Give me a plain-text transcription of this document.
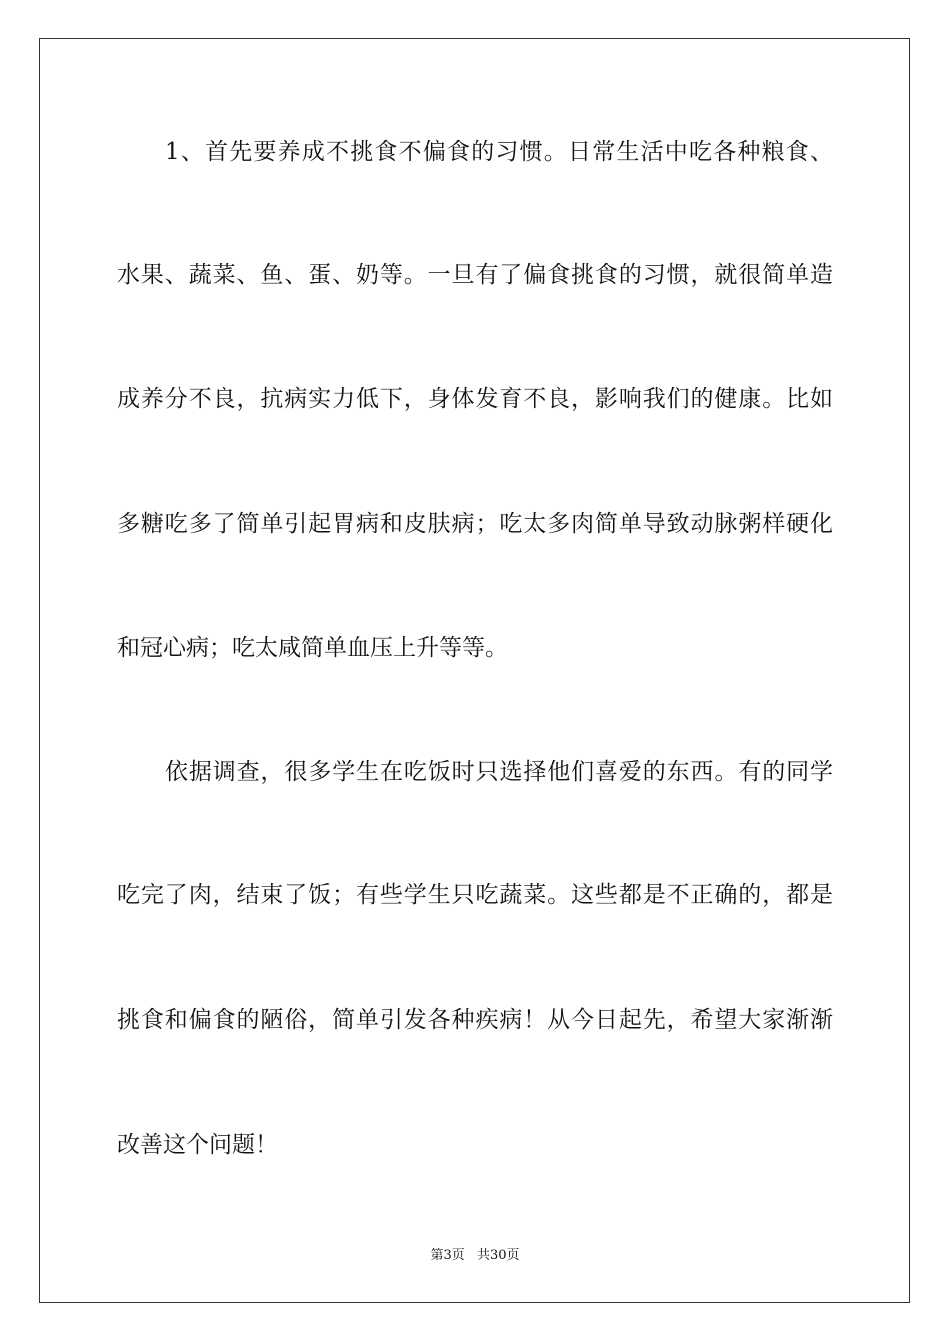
1、首先要养成不挑食不偏食的习惯。日常生活中吃各种粮食、
水果、蔬菜、鱼、蛋、奶等。一旦有了偏食挑食的习惯，就很简单造
成养分不良，抗病实力低下，身体发育不良，影响我们的健康。比如
多糖吃多了简单引起胃病和皮肤病；吃太多肉简单导致动脉粥样硬化
和冠心病；吃太咸简单血压上升等等。
依据调查，很多学生在吃饭时只选择他们喜爱的东西。有的同学
吃完了肉，结束了饭；有些学生只吃蔬菜。这些都是不正确的，都是
挑食和偏食的陋俗，简单引发各种疾病！从今日起先，希望大家渐渐
改善这个问题！
第3页 共30页
